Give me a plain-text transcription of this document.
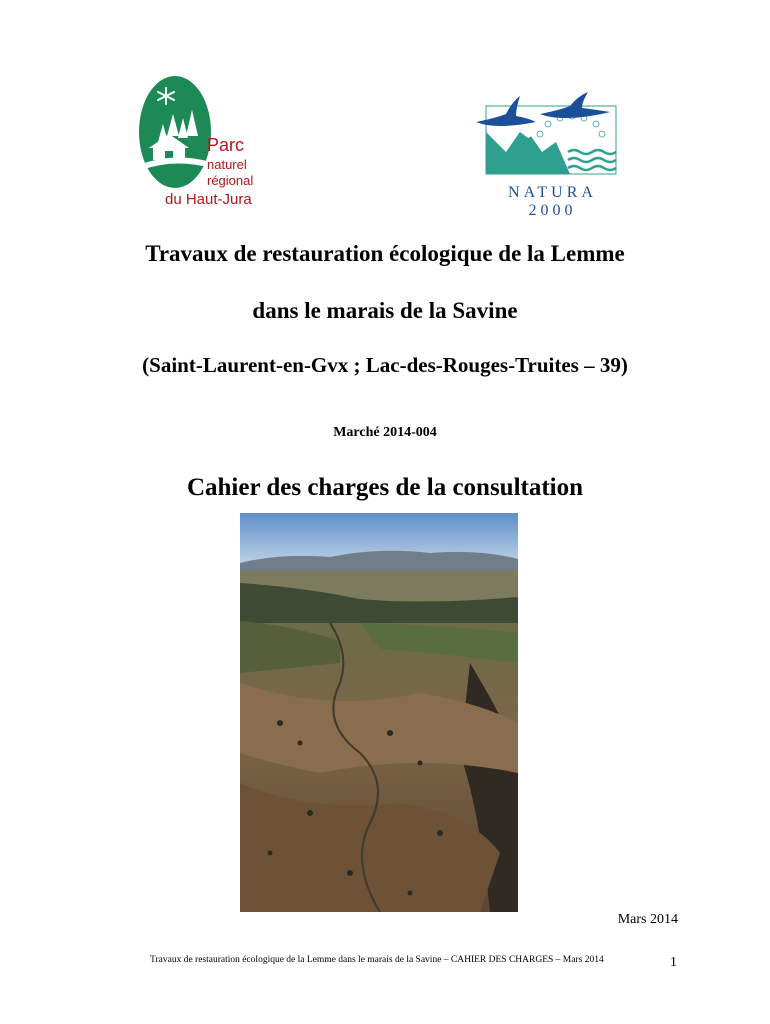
Parc
naturel
régional
du Haut-Jura	NATURA 2000
Travaux de restauration écologique de la Lemme
dans le marais de la Savine
(Saint-Laurent-en-Gvx ; Lac-des-Rouges-Truites – 39)
Marché 2014-004
Cahier des charges de la consultation
Mars 2014
Travaux de restauration écologique de la Lemme dans le marais de la Savine – CAHIER DES CHARGES – Mars 2014	1
